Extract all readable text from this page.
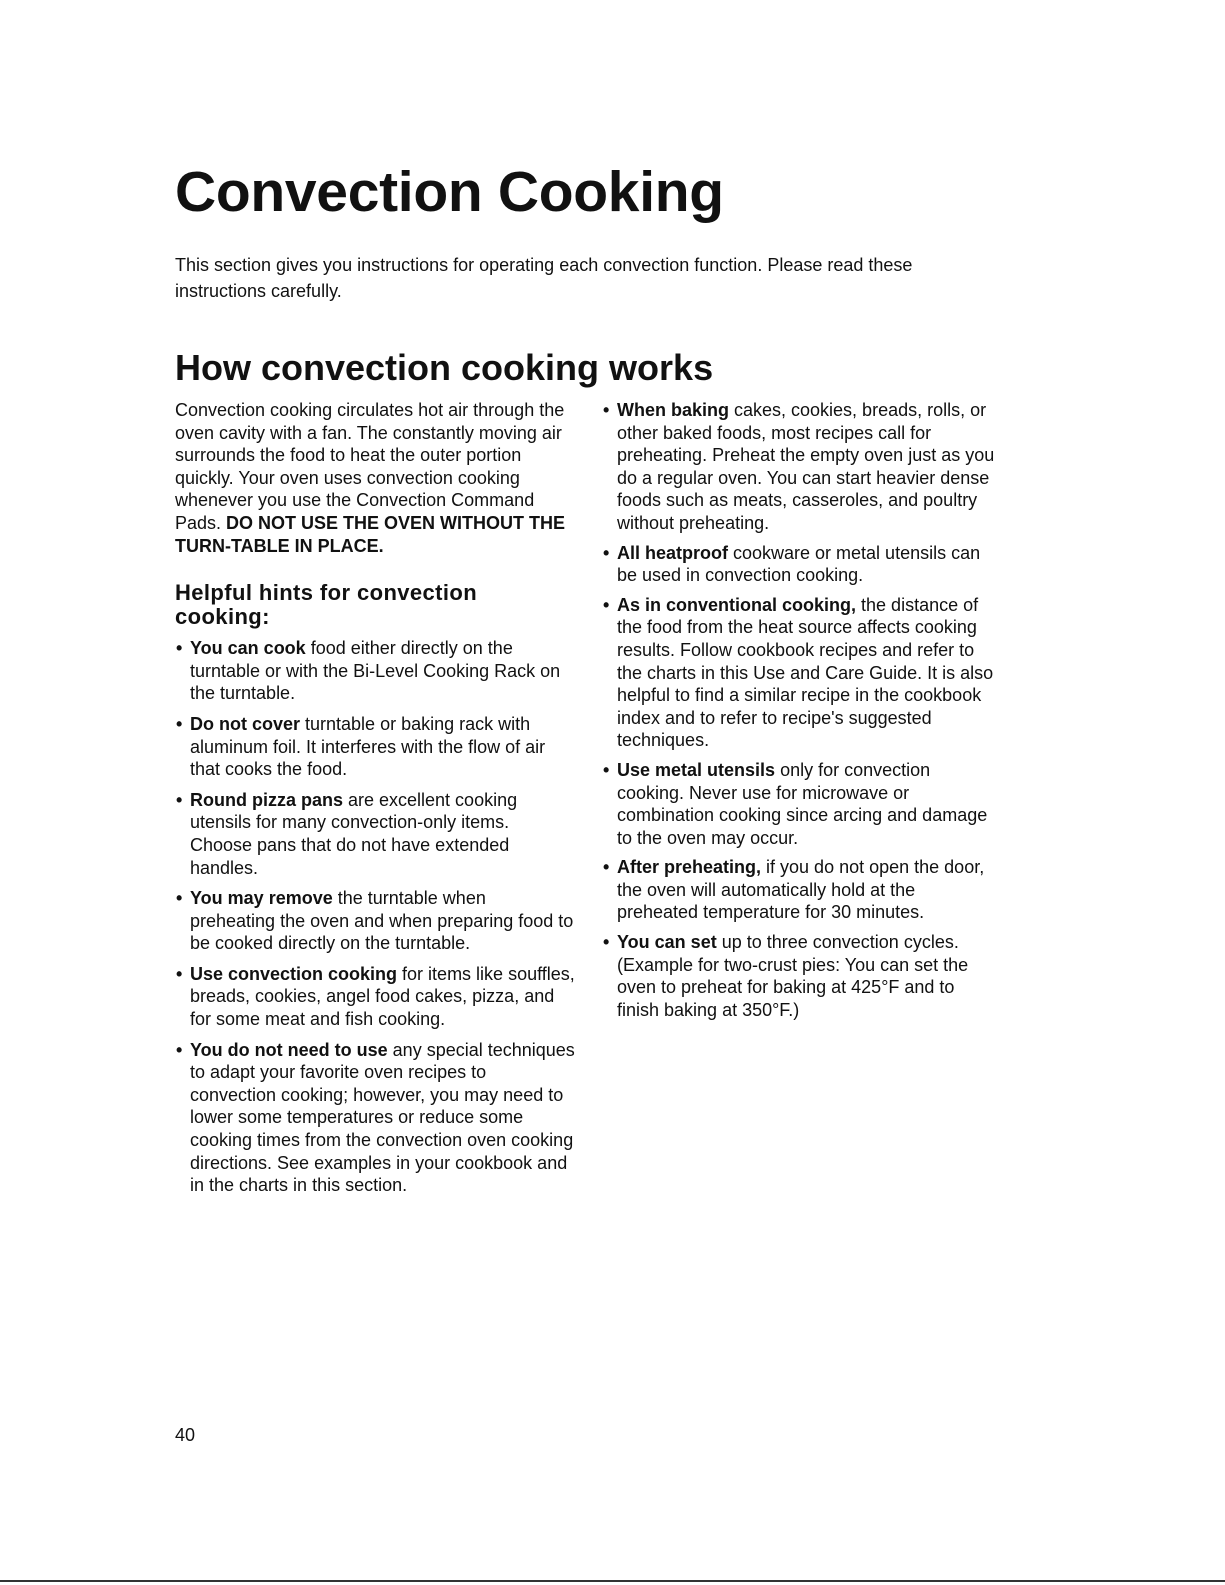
Convection Cooking

This section gives you instructions for operating each convection function. Please read these instructions carefully.

How convection cooking works

Convection cooking circulates hot air through the oven cavity with a fan. The constantly moving air surrounds the food to heat the outer portion quickly. Your oven uses convection cooking whenever you use the Convection Command Pads. DO NOT USE THE OVEN WITHOUT THE TURN-TABLE IN PLACE.

Helpful hints for convection cooking:
• You can cook food either directly on the turntable or with the Bi-Level Cooking Rack on the turntable.
• Do not cover turntable or baking rack with aluminum foil. It interferes with the flow of air that cooks the food.
• Round pizza pans are excellent cooking utensils for many convection-only items. Choose pans that do not have extended handles.
• You may remove the turntable when preheating the oven and when preparing food to be cooked directly on the turntable.
• Use convection cooking for items like souffles, breads, cookies, angel food cakes, pizza, and for some meat and fish cooking.
• You do not need to use any special techniques to adapt your favorite oven recipes to convection cooking; however, you may need to lower some temperatures or reduce some cooking times from the convection oven cooking directions. See examples in your cookbook and in the charts in this section.
• When baking cakes, cookies, breads, rolls, or other baked foods, most recipes call for preheating. Preheat the empty oven just as you do a regular oven. You can start heavier dense foods such as meats, casseroles, and poultry without preheating.
• All heatproof cookware or metal utensils can be used in convection cooking.
• As in conventional cooking, the distance of the food from the heat source affects cooking results. Follow cookbook recipes and refer to the charts in this Use and Care Guide. It is also helpful to find a similar recipe in the cookbook index and to refer to recipe's suggested techniques.
• Use metal utensils only for convection cooking. Never use for microwave or combination cooking since arcing and damage to the oven may occur.
• After preheating, if you do not open the door, the oven will automatically hold at the preheated temperature for 30 minutes.
• You can set up to three convection cycles. (Example for two-crust pies: You can set the oven to preheat for baking at 425°F and to finish baking at 350°F.)

40
